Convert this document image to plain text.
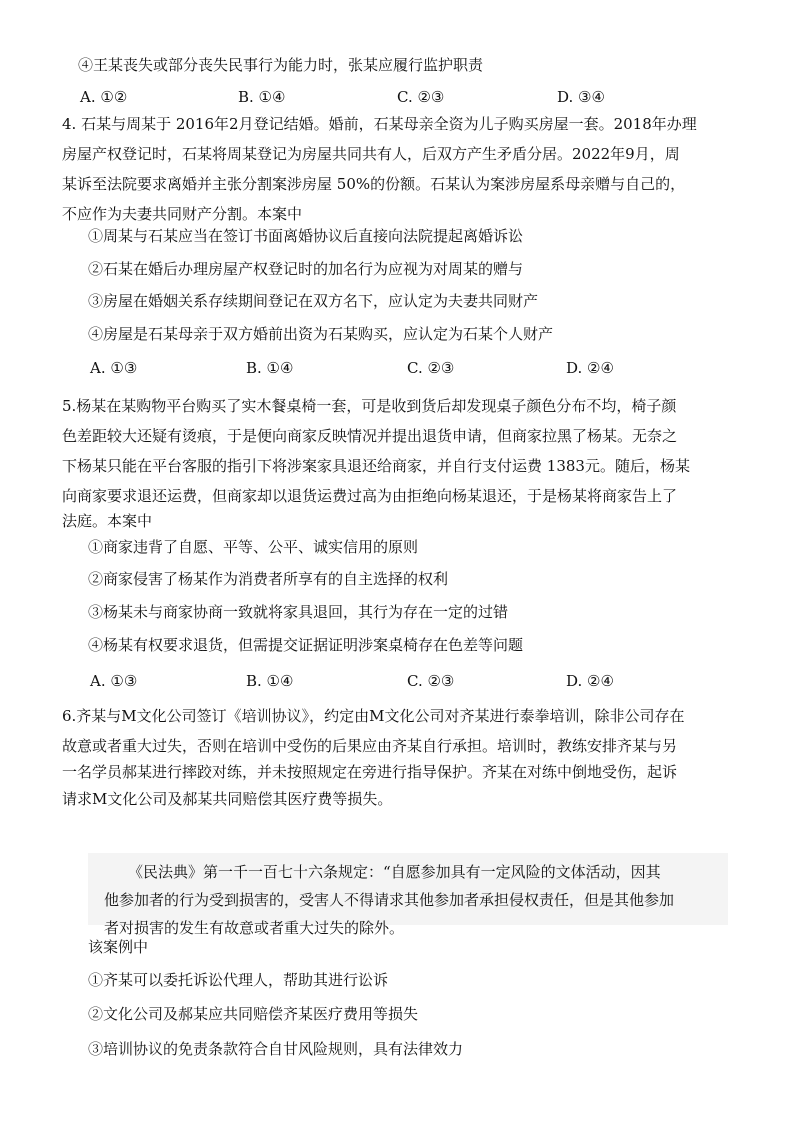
④王某丧失或部分丧失民事行为能力时，张某应履行监护职责
A. ①②	B. ①④	C. ②③	D. ③④
4. 石某与周某于 2016年2月登记结婚。婚前，石某母亲全资为儿子购买房屋一套。2018年办理
房屋产权登记时，石某将周某登记为房屋共同共有人，后双方产生矛盾分居。2022年9月，周
某诉至法院要求离婚并主张分割案涉房屋 50%的份额。石某认为案涉房屋系母亲赠与自己的，
不应作为夫妻共同财产分割。本案中
①周某与石某应当在签订书面离婚协议后直接向法院提起离婚诉讼
②石某在婚后办理房屋产权登记时的加名行为应视为对周某的赠与
③房屋在婚姻关系存续期间登记在双方名下，应认定为夫妻共同财产
④房屋是石某母亲于双方婚前出资为石某购买，应认定为石某个人财产
A. ①③	B. ①④	C. ②③	D. ②④
5.杨某在某购物平台购买了实木餐桌椅一套，可是收到货后却发现桌子颜色分布不均，椅子颜
色差距较大还疑有烫痕，于是便向商家反映情况并提出退货申请，但商家拉黑了杨某。无奈之
下杨某只能在平台客服的指引下将涉案家具退还给商家，并自行支付运费 1383元。随后，杨某
向商家要求退还运费，但商家却以退货运费过高为由拒绝向杨某退还，于是杨某将商家告上了
法庭。本案中
①商家违背了自愿、平等、公平、诚实信用的原则
②商家侵害了杨某作为消费者所享有的自主选择的权利
③杨某未与商家协商一致就将家具退回，其行为存在一定的过错
④杨某有权要求退货，但需提交证据证明涉案桌椅存在色差等问题
A. ①③	B. ①④	C. ②③	D. ②④
6.齐某与M文化公司签订《培训协议》，约定由M文化公司对齐某进行泰拳培训，除非公司存在
故意或者重大过失，否则在培训中受伤的后果应由齐某自行承担。培训时，教练安排齐某与另
一名学员郝某进行摔跤对练，并未按照规定在旁进行指导保护。齐某在对练中倒地受伤，起诉
请求M文化公司及郝某共同赔偿其医疗费等损失。
《民法典》第一千一百七十六条规定：“自愿参加具有一定风险的文体活动，因其
他参加者的行为受到损害的，受害人不得请求其他参加者承担侵权责任，但是其他参加
者对损害的发生有故意或者重大过失的除外。
该案例中
①齐某可以委托诉讼代理人，帮助其进行讼诉
②文化公司及郝某应共同赔偿齐某医疗费用等损失
③培训协议的免责条款符合自甘风险规则，具有法律效力
